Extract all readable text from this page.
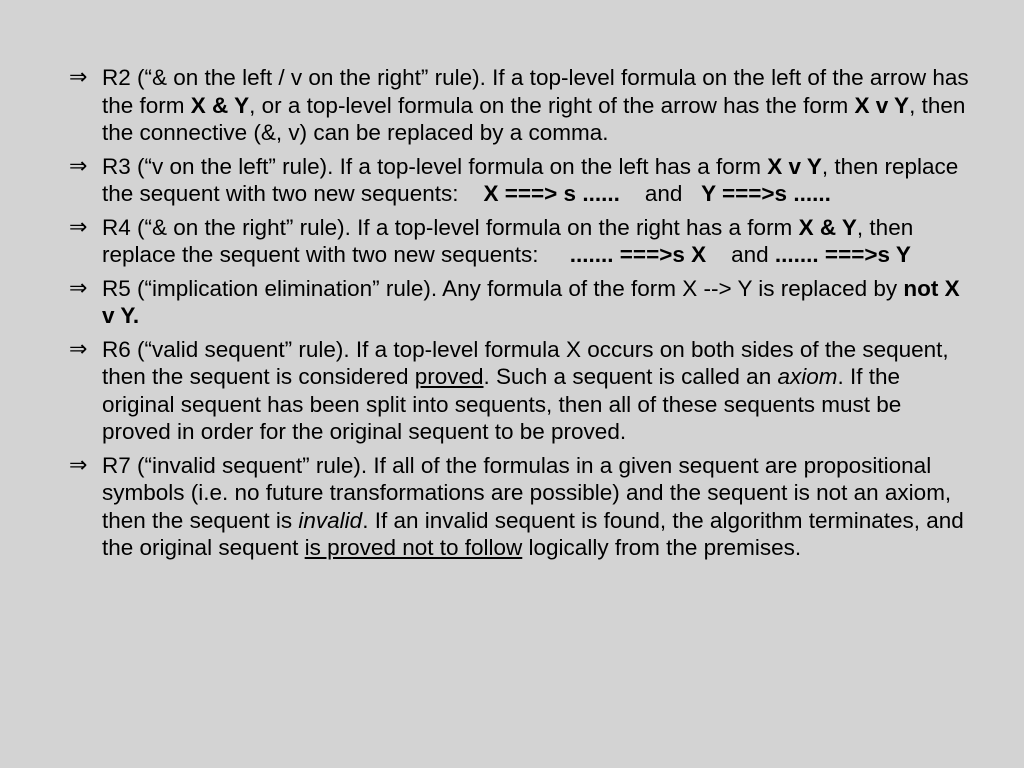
⇒ R2 (“& on the left / v on the right” rule). If a top-level formula on the left of the arrow has the form X & Y, or a top-level formula on the right of the arrow has the form X v Y, then the connective (&, v) can be replaced by a comma.
⇒ R3 (“v on the left” rule). If a top-level formula on the left has a form X v Y, then replace the sequent with two new sequents:    X ===> s ......    and   Y ===>s ......
⇒ R4 (“& on the right” rule). If a top-level formula on the right has a form X & Y, then replace the sequent with two new sequents:     ....... ===>s X    and ....... ===>s Y
⇒ R5 (“implication elimination” rule). Any formula of the form X --> Y is replaced by not X v Y.
⇒ R6 (“valid sequent” rule). If a top-level formula X occurs on both sides of the sequent, then the sequent is considered proved. Such a sequent is called an axiom. If the original sequent has been split into sequents, then all of these sequents must be proved in order for the original sequent to be proved.
⇒ R7 (“invalid sequent” rule). If all of the formulas in a given sequent are propositional symbols (i.e. no future transformations are possible) and the sequent is not an axiom, then the sequent is invalid. If an invalid sequent is found, the algorithm terminates, and the original sequent is proved not to follow logically from the premises.
